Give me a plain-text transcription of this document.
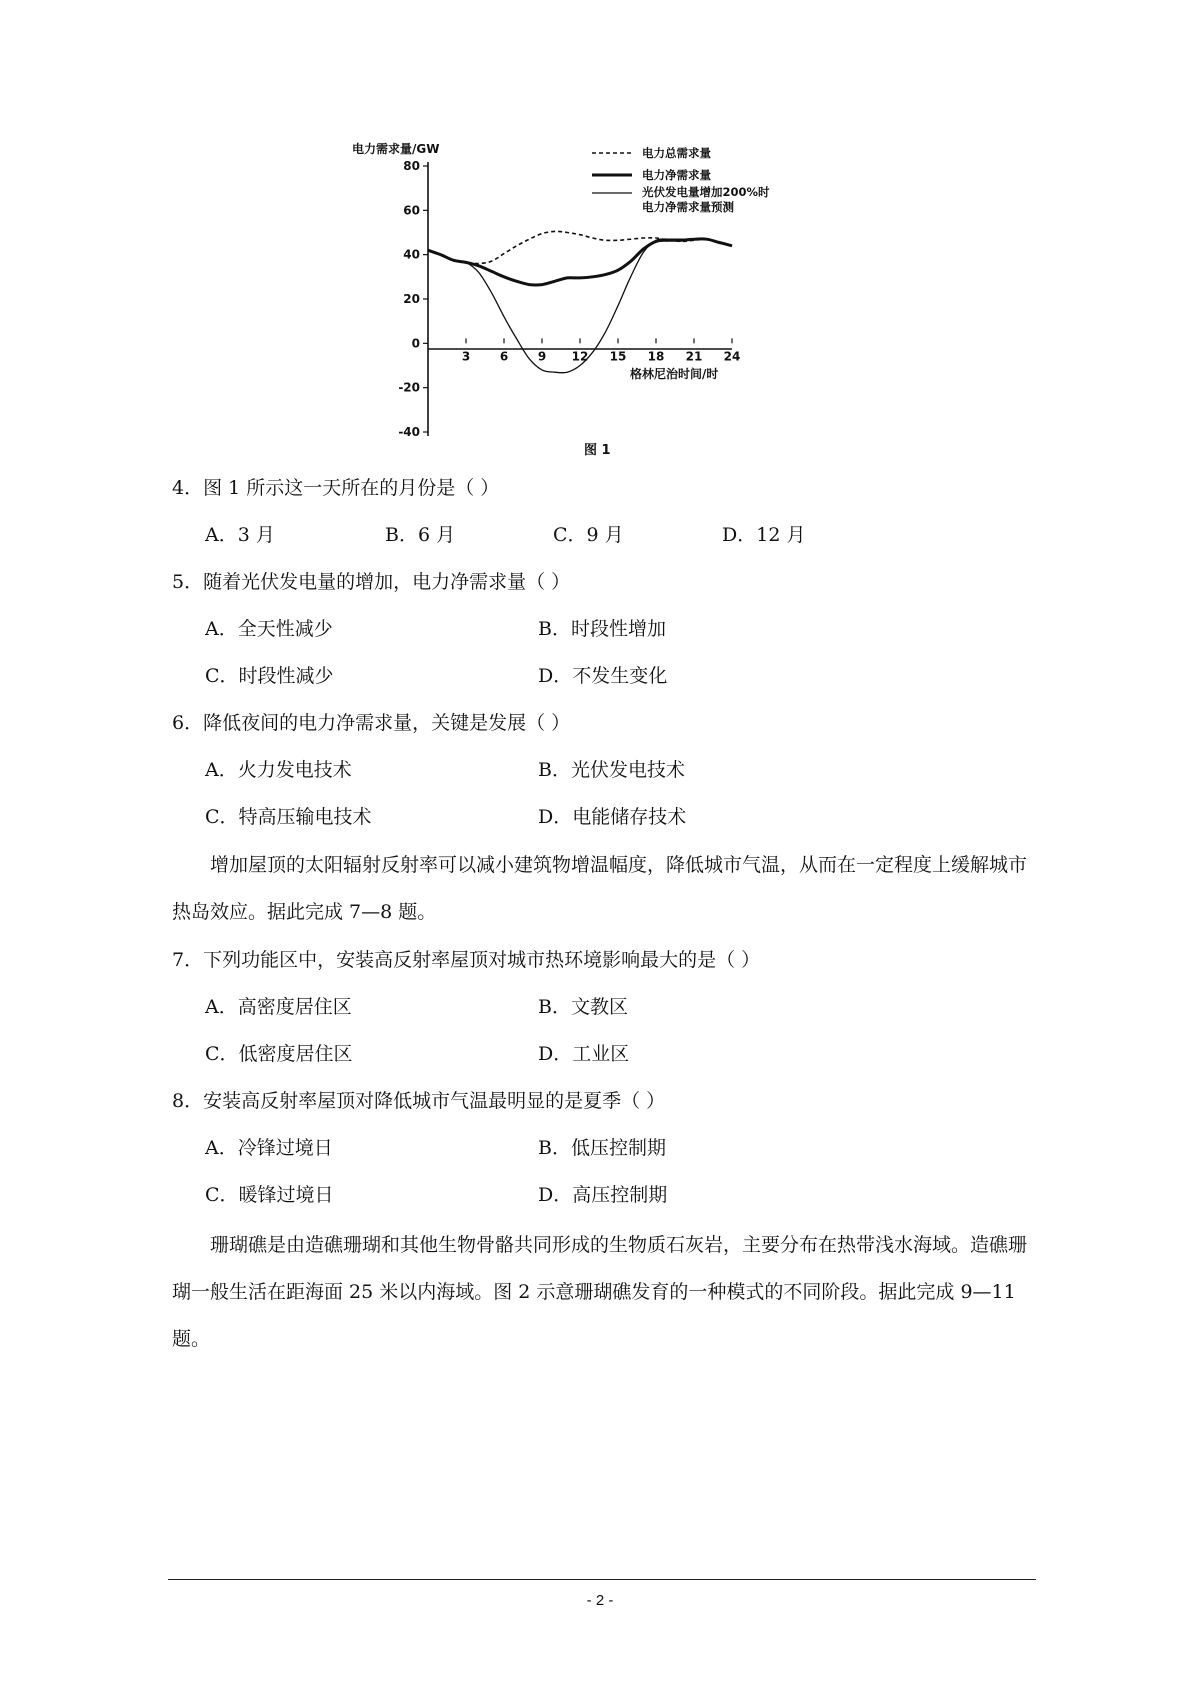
电力需求量/GW
80
60
40
20
0
-20
-40
3 6 9 12 15 18 21 24
格林尼治时间/时
电力总需求量
电力净需求量
光伏发电量增加200%时
电力净需求量预测
图 1
4．图 1 所示这一天所在的月份是（ ）
A．3 月	B．6 月	C．9 月	D．12 月
5．随着光伏发电量的增加，电力净需求量（ ）
A．全天性减少	B．时段性增加
C．时段性减少	D．不发生变化
6．降低夜间的电力净需求量，关键是发展（ ）
A．火力发电技术	B．光伏发电技术
C．特高压输电技术	D．电能储存技术
增加屋顶的太阳辐射反射率可以减小建筑物增温幅度，降低城市气温，从而在一定程度上缓解城市热岛效应。据此完成 7—8 题。
7．下列功能区中，安装高反射率屋顶对城市热环境影响最大的是（ ）
A．高密度居住区	B．文教区
C．低密度居住区	D．工业区
8．安装高反射率屋顶对降低城市气温最明显的是夏季（ ）
A．冷锋过境日	B．低压控制期
C．暖锋过境日	D．高压控制期
珊瑚礁是由造礁珊瑚和其他生物骨骼共同形成的生物质石灰岩，主要分布在热带浅水海域。造礁珊瑚一般生活在距海面 25 米以内海域。图 2 示意珊瑚礁发育的一种模式的不同阶段。据此完成 9—11 题。
- 2 -
